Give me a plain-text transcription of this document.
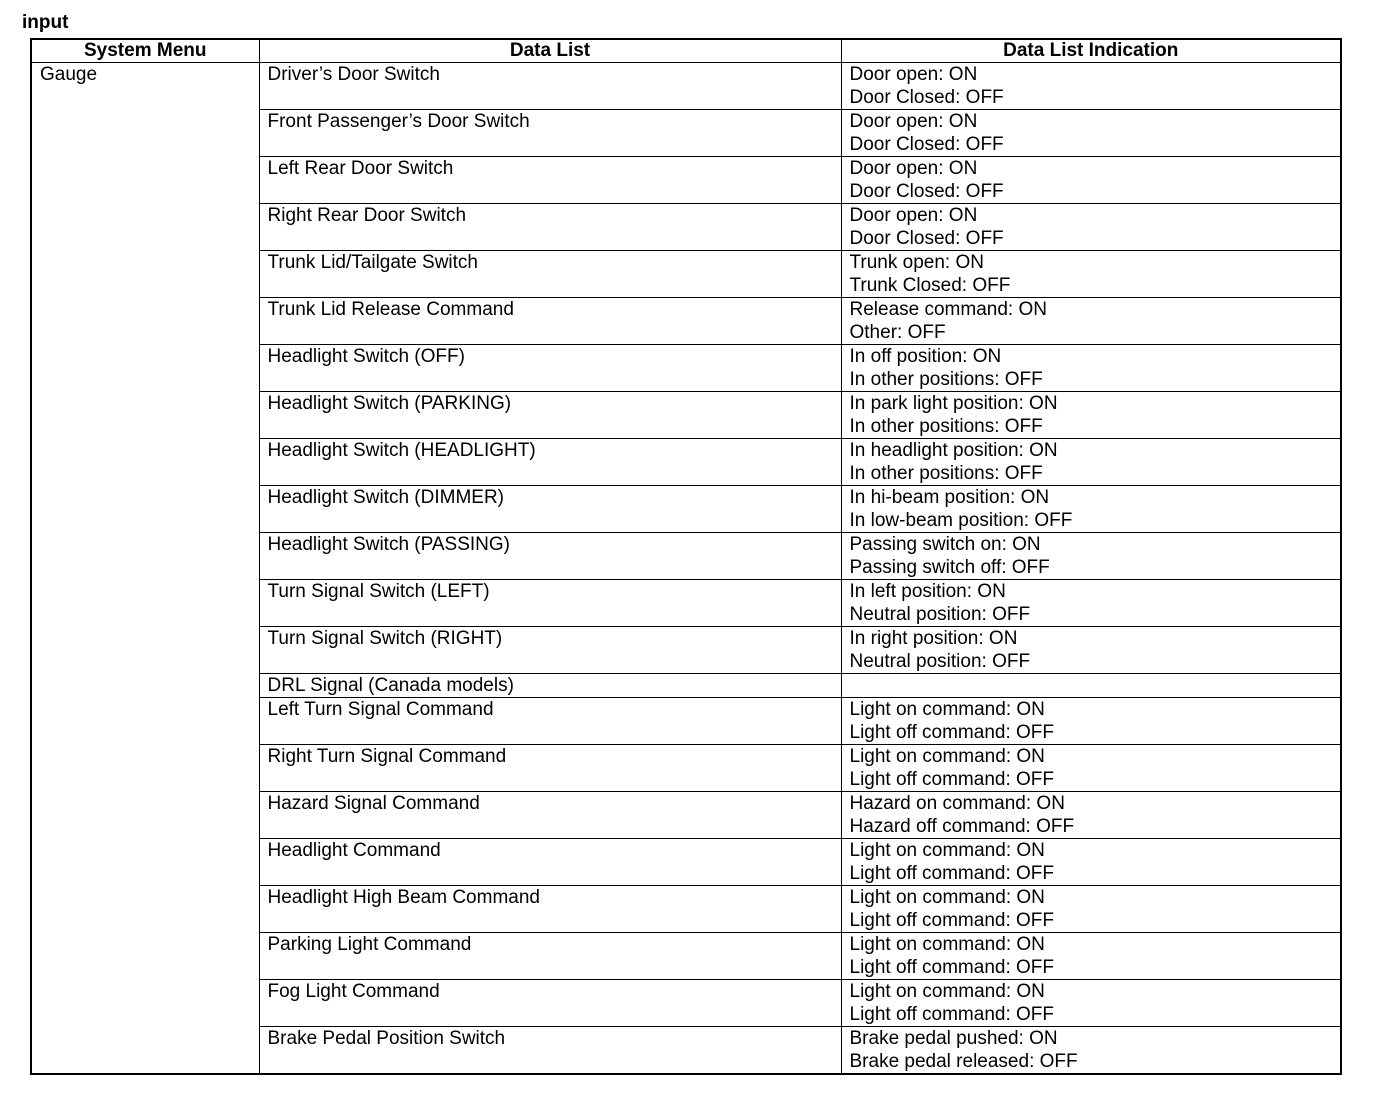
input
System Menu	Data List	Data List Indication
Gauge	Driver’s Door Switch	Door open: ON
Door Closed: OFF

	Front Passenger’s Door Switch	Door open: ON
Door Closed: OFF

	Left Rear Door Switch	Door open: ON
Door Closed: OFF

	Right Rear Door Switch	Door open: ON
Door Closed: OFF

	Trunk Lid/Tailgate Switch	Trunk open: ON
Trunk Closed: OFF

	Trunk Lid Release Command	Release command: ON
Other: OFF

	Headlight Switch (OFF)	In off position: ON
In other positions: OFF

	Headlight Switch (PARKING)	In park light position: ON
In other positions: OFF

	Headlight Switch (HEADLIGHT)	In headlight position: ON
In other positions: OFF

	Headlight Switch (DIMMER)	In hi-beam position: ON
In low-beam position: OFF

	Headlight Switch (PASSING)	Passing switch on: ON
Passing switch off: OFF

	Turn Signal Switch (LEFT)	In left position: ON
Neutral position: OFF

	Turn Signal Switch (RIGHT)	In right position: ON
Neutral position: OFF

	DRL Signal (Canada models)	
	Left Turn Signal Command	Light on command: ON
Light off command: OFF

	Right Turn Signal Command	Light on command: ON
Light off command: OFF

	Hazard Signal Command	Hazard on command: ON
Hazard off command: OFF

	Headlight Command	Light on command: ON
Light off command: OFF

	Headlight High Beam Command	Light on command: ON
Light off command: OFF

	Parking Light Command	Light on command: ON
Light off command: OFF

	Fog Light Command	Light on command: ON
Light off command: OFF

	Brake Pedal Position Switch	Brake pedal pushed: ON
Brake pedal released: OFF
